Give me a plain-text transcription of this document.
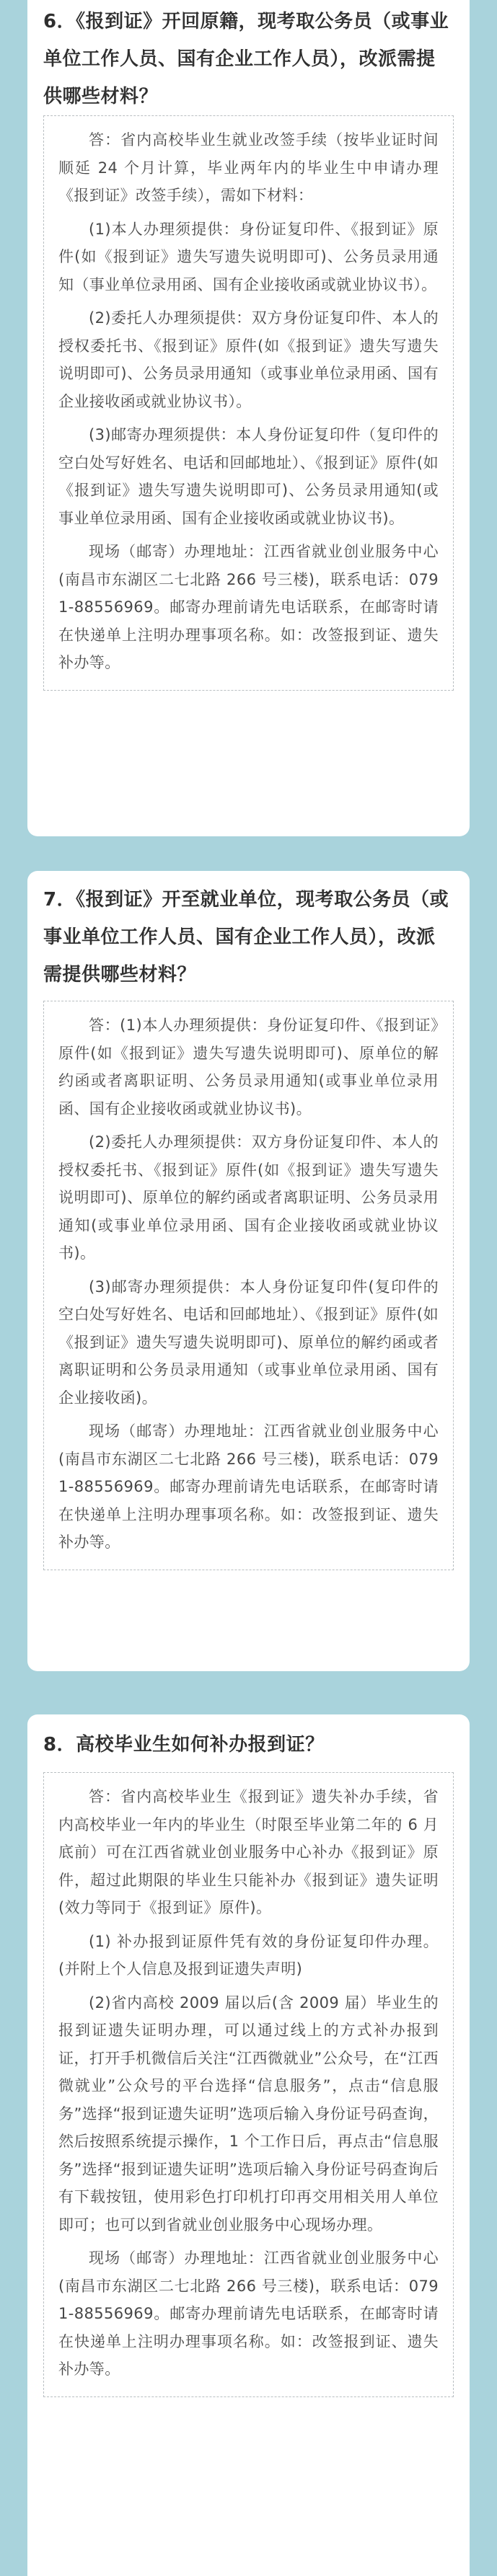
6．《报到证》开回原籍，现考取公务员（或事业单位工作人员、国有企业工作人员），改派需提供哪些材料？

答：省内高校毕业生就业改签手续（按毕业证时间顺延 24 个月计算，毕业两年内的毕业生中申请办理《报到证》改签手续），需如下材料：

(1)本人办理须提供：身份证复印件、《报到证》原件(如《报到证》遗失写遗失说明即可)、公务员录用通知（事业单位录用函、国有企业接收函或就业协议书）。

(2)委托人办理须提供：双方身份证复印件、本人的授权委托书、《报到证》原件(如《报到证》遗失写遗失说明即可)、公务员录用通知（或事业单位录用函、国有企业接收函或就业协议书）。

(3)邮寄办理须提供：本人身份证复印件（复印件的空白处写好姓名、电话和回邮地址）、《报到证》原件(如《报到证》遗失写遗失说明即可)、公务员录用通知(或事业单位录用函、国有企业接收函或就业协议书)。

现场（邮寄）办理地址：江西省就业创业服务中心(南昌市东湖区二七北路 266 号三楼)，联系电话：0791-88556969。邮寄办理前请先电话联系，在邮寄时请在快递单上注明办理事项名称。如：改签报到证、遗失补办等。

7．《报到证》开至就业单位，现考取公务员（或事业单位工作人员、国有企业工作人员），改派需提供哪些材料？

答：(1)本人办理须提供：身份证复印件、《报到证》原件(如《报到证》遗失写遗失说明即可)、原单位的解约函或者离职证明、公务员录用通知(或事业单位录用函、国有企业接收函或就业协议书)。

(2)委托人办理须提供：双方身份证复印件、本人的授权委托书、《报到证》原件(如《报到证》遗失写遗失说明即可)、原单位的解约函或者离职证明、公务员录用通知(或事业单位录用函、国有企业接收函或就业协议书)。

(3)邮寄办理须提供：本人身份证复印件(复印件的空白处写好姓名、电话和回邮地址）、《报到证》原件(如《报到证》遗失写遗失说明即可)、原单位的解约函或者离职证明和公务员录用通知（或事业单位录用函、国有企业接收函)。

现场（邮寄）办理地址：江西省就业创业服务中心(南昌市东湖区二七北路 266 号三楼)，联系电话：0791-88556969。邮寄办理前请先电话联系，在邮寄时请在快递单上注明办理事项名称。如：改签报到证、遗失补办等。

8．高校毕业生如何补办报到证？

答：省内高校毕业生《报到证》遗失补办手续，省内高校毕业一年内的毕业生（时限至毕业第二年的 6 月底前）可在江西省就业创业服务中心补办《报到证》原件，超过此期限的毕业生只能补办《报到证》遗失证明(效力等同于《报到证》原件)。

(1) 补办报到证原件凭有效的身份证复印件办理。(并附上个人信息及报到证遗失声明)

(2)省内高校 2009 届以后(含 2009 届）毕业生的报到证遗失证明办理，可以通过线上的方式补办报到证，打开手机微信后关注“江西微就业”公众号，在“江西微就业”公众号的平台选择“信息服务”，点击“信息服务”选择“报到证遗失证明”选项后输入身份证号码查询，然后按照系统提示操作，1 个工作日后，再点击“信息服务”选择“报到证遗失证明”选项后输入身份证号码查询后有下载按钮，使用彩色打印机打印再交用相关用人单位即可；也可以到省就业创业服务中心现场办理。

现场（邮寄）办理地址：江西省就业创业服务中心(南昌市东湖区二七北路 266 号三楼)，联系电话：0791-88556969。邮寄办理前请先电话联系，在邮寄时请在快递单上注明办理事项名称。如：改签报到证、遗失补办等。
